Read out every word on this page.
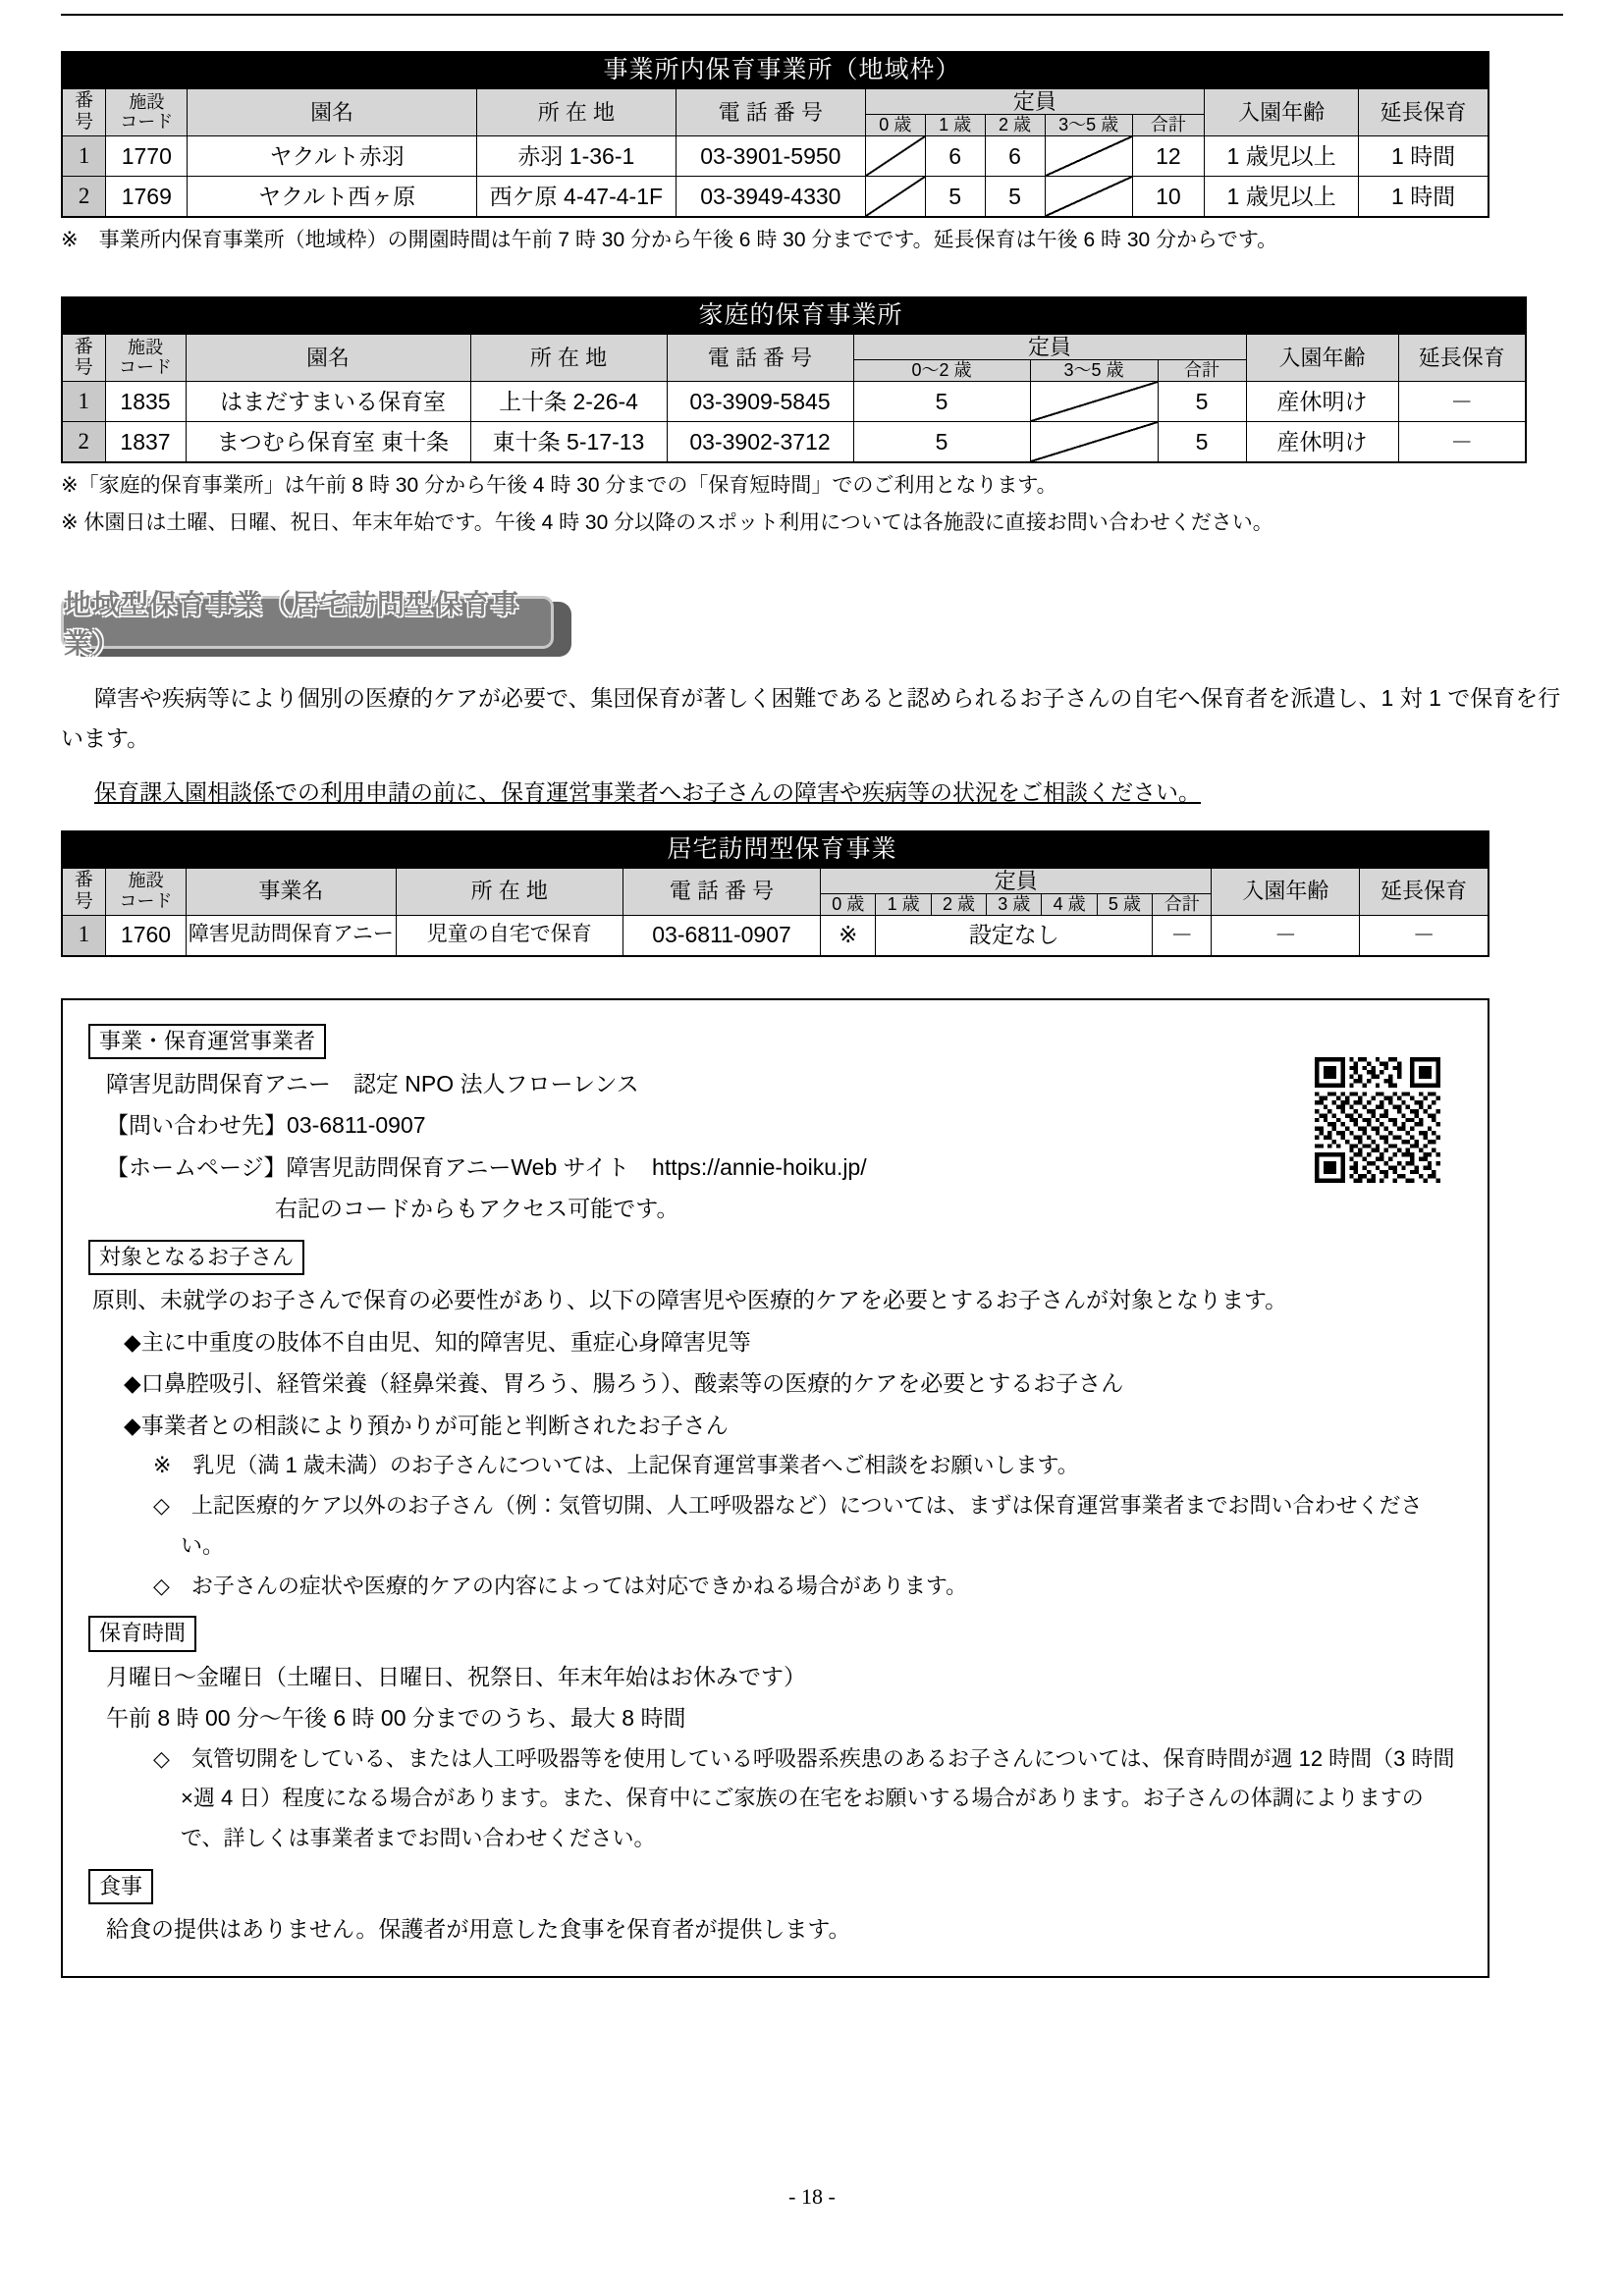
事業所内保育事業所（地域枠）											
番
号	施設
コード	園名	所 在 地	電 話 番 号	定員					入園年齢	延長保育
					0 歳	1 歳	2 歳	3〜5 歳	合計		
1	1770	ヤクルト赤羽	赤羽 1-36-1	03-3901-5950		6	6		12	1 歳児以上	1 時間
2	1769	ヤクルト西ヶ原	西ケ原 4-47-4-1F	03-3949-4330		5	5		10	1 歳児以上	1 時間

※　事業所内保育事業所（地域枠）の開園時間は午前 7 時 30 分から午後 6 時 30 分までです。延長保育は午後 6 時 30 分からです。

家庭的保育事業所									
番
号	施設
コード	園名	所 在 地	電 話 番 号	定員			入園年齢	延長保育
					0〜2 歳	3〜5 歳	合計		
1	1835	はまだすまいる保育室	上十条 2-26-4	03-3909-5845	5		5	産休明け	－
2	1837	まつむら保育室 東十条	東十条 5-17-13	03-3902-3712	5		5	産休明け	－

※「家庭的保育事業所」は午前 8 時 30 分から午後 4 時 30 分までの「保育短時間」でのご利用となります。

※ 休園日は土曜、日曜、祝日、年末年始です。午後 4 時 30 分以降のスポット利用については各施設に直接お問い合わせください。

地域型保育事業（居宅訪問型保育事業）

障害や疾病等により個別の医療的ケアが必要で、集団保育が著しく困難であると認められるお子さんの自宅へ保育者を派遣し、1 対 1 で保育を行います。

保育課入園相談係での利用申請の前に、保育運営事業者へお子さんの障害や疾病等の状況をご相談ください。

居宅訪問型保育事業													
番
号	施設
コード	事業名	所 在 地	電 話 番 号	定員							入園年齢	延長保育
					0 歳	1 歳	2 歳	3 歳	4 歳	5 歳	合計		
1	1760	障害児訪問保育アニー	児童の自宅で保育	03-6811-0907	※	設定なし					－	－	－
事業・保育運営事業者
障害児訪問保育アニー　認定 NPO 法人フローレンス
【問い合わせ先】03-6811-0907
【ホームページ】障害児訪問保育アニーWeb サイト　https://annie-hoiku.jp/
右記のコードからもアクセス可能です。
対象となるお子さん
原則、未就学のお子さんで保育の必要性があり、以下の障害児や医療的ケアを必要とするお子さんが対象となります。
◆主に中重度の肢体不自由児、知的障害児、重症心身障害児等
◆口鼻腔吸引、経管栄養（経鼻栄養、胃ろう、腸ろう）、酸素等の医療的ケアを必要とするお子さん
◆事業者との相談により預かりが可能と判断されたお子さん
※　乳児（満 1 歳未満）のお子さんについては、上記保育運営事業者へご相談をお願いします。
◇　上記医療的ケア以外のお子さん（例：気管切開、人工呼吸器など）については、まずは保育運営事業者までお問い合わせください。
◇　お子さんの症状や医療的ケアの内容によっては対応できかねる場合があります。
保育時間
月曜日〜金曜日（土曜日、日曜日、祝祭日、年末年始はお休みです）
午前 8 時 00 分〜午後 6 時 00 分までのうち、最大 8 時間
◇　気管切開をしている、または人工呼吸器等を使用している呼吸器系疾患のあるお子さんについては、保育時間が週 12 時間（3 時間×週 4 日）程度になる場合があります。また、保育中にご家族の在宅をお願いする場合があります。お子さんの体調によりますので、詳しくは事業者までお問い合わせください。
食事
給食の提供はありません。保護者が用意した食事を保育者が提供します。
- 18 -
